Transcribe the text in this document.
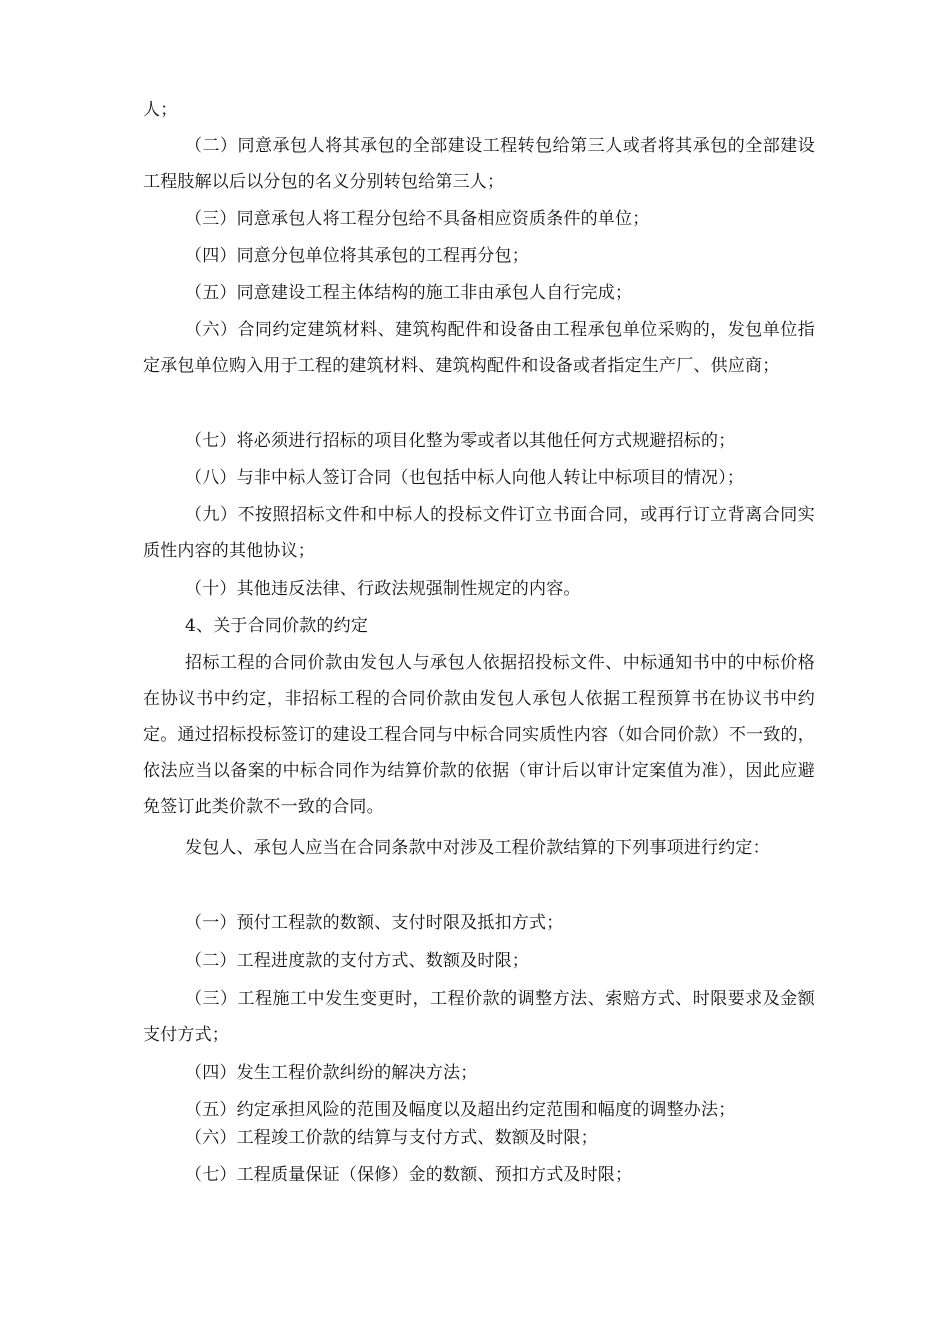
人；

（二）同意承包人将其承包的全部建设工程转包给第三人或者将其承包的全部建设工程肢解以后以分包的名义分别转包给第三人；

（三）同意承包人将工程分包给不具备相应资质条件的单位；

（四）同意分包单位将其承包的工程再分包；

（五）同意建设工程主体结构的施工非由承包人自行完成；

（六）合同约定建筑材料、建筑构配件和设备由工程承包单位采购的，发包单位指定承包单位购入用于工程的建筑材料、建筑构配件和设备或者指定生产厂、供应商；

（七）将必须进行招标的项目化整为零或者以其他任何方式规避招标的；

（八）与非中标人签订合同（也包括中标人向他人转让中标项目的情况）；

（九）不按照招标文件和中标人的投标文件订立书面合同，或再行订立背离合同实质性内容的其他协议；

（十）其他违反法律、行政法规强制性规定的内容。

4、关于合同价款的约定

招标工程的合同价款由发包人与承包人依据招投标文件、中标通知书中的中标价格在协议书中约定，非招标工程的合同价款由发包人承包人依据工程预算书在协议书中约定。通过招标投标签订的建设工程合同与中标合同实质性内容（如合同价款）不一致的，依法应当以备案的中标合同作为结算价款的依据（审计后以审计定案值为准），因此应避免签订此类价款不一致的合同。

发包人、承包人应当在合同条款中对涉及工程价款结算的下列事项进行约定：

（一）预付工程款的数额、支付时限及抵扣方式；

（二）工程进度款的支付方式、数额及时限；

（三）工程施工中发生变更时，工程价款的调整方法、索赔方式、时限要求及金额支付方式；

（四）发生工程价款纠纷的解决方法；

（五）约定承担风险的范围及幅度以及超出约定范围和幅度的调整办法；

（六）工程竣工价款的结算与支付方式、数额及时限；

（七）工程质量保证（保修）金的数额、预扣方式及时限；
